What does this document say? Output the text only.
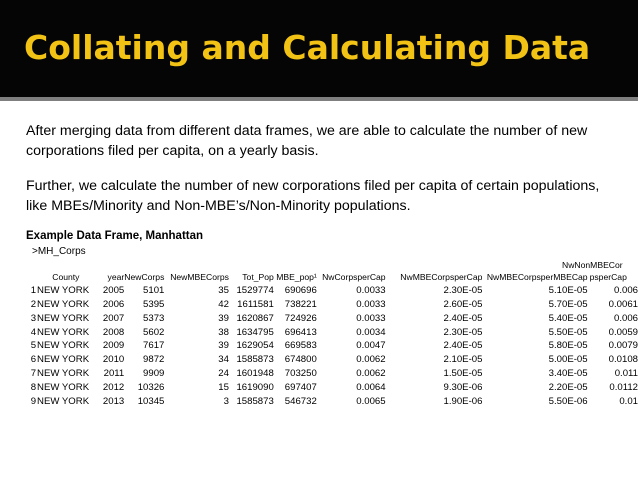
Collating and Calculating Data
After merging data from different data frames, we are able to calculate the number of new corporations filed per capita, on a yearly basis.
Further, we calculate the number of new corporations filed per capita of certain populations, like MBEs/Minority and Non-MBE’s/Non-Minority populations.
Example Data Frame, Manhattan
>MH_Corps
NwNonMBECor
	County	year	NewCorps	NewMBECorps	Tot_Pop	MBE_pop¹	NwCorpsperCap	NwMBECorpsperCap	NwMBECorpsperMBECap	psperCap
1	NEW YORK	2005	5101	35	1529774	690696	0.0033	2.30E-05	5.10E-05	0.006
2	NEW YORK	2006	5395	42	1611581	738221	0.0033	2.60E-05	5.70E-05	0.0061
3	NEW YORK	2007	5373	39	1620867	724926	0.0033	2.40E-05	5.40E-05	0.006
4	NEW YORK	2008	5602	38	1634795	696413	0.0034	2.30E-05	5.50E-05	0.0059
5	NEW YORK	2009	7617	39	1629054	669583	0.0047	2.40E-05	5.80E-05	0.0079
6	NEW YORK	2010	9872	34	1585873	674800	0.0062	2.10E-05	5.00E-05	0.0108
7	NEW YORK	2011	9909	24	1601948	703250	0.0062	1.50E-05	3.40E-05	0.011
8	NEW YORK	2012	10326	15	1619090	697407	0.0064	9.30E-06	2.20E-05	0.0112
9	NEW YORK	2013	10345	3	1585873	546732	0.0065	1.90E-06	5.50E-06	0.01
